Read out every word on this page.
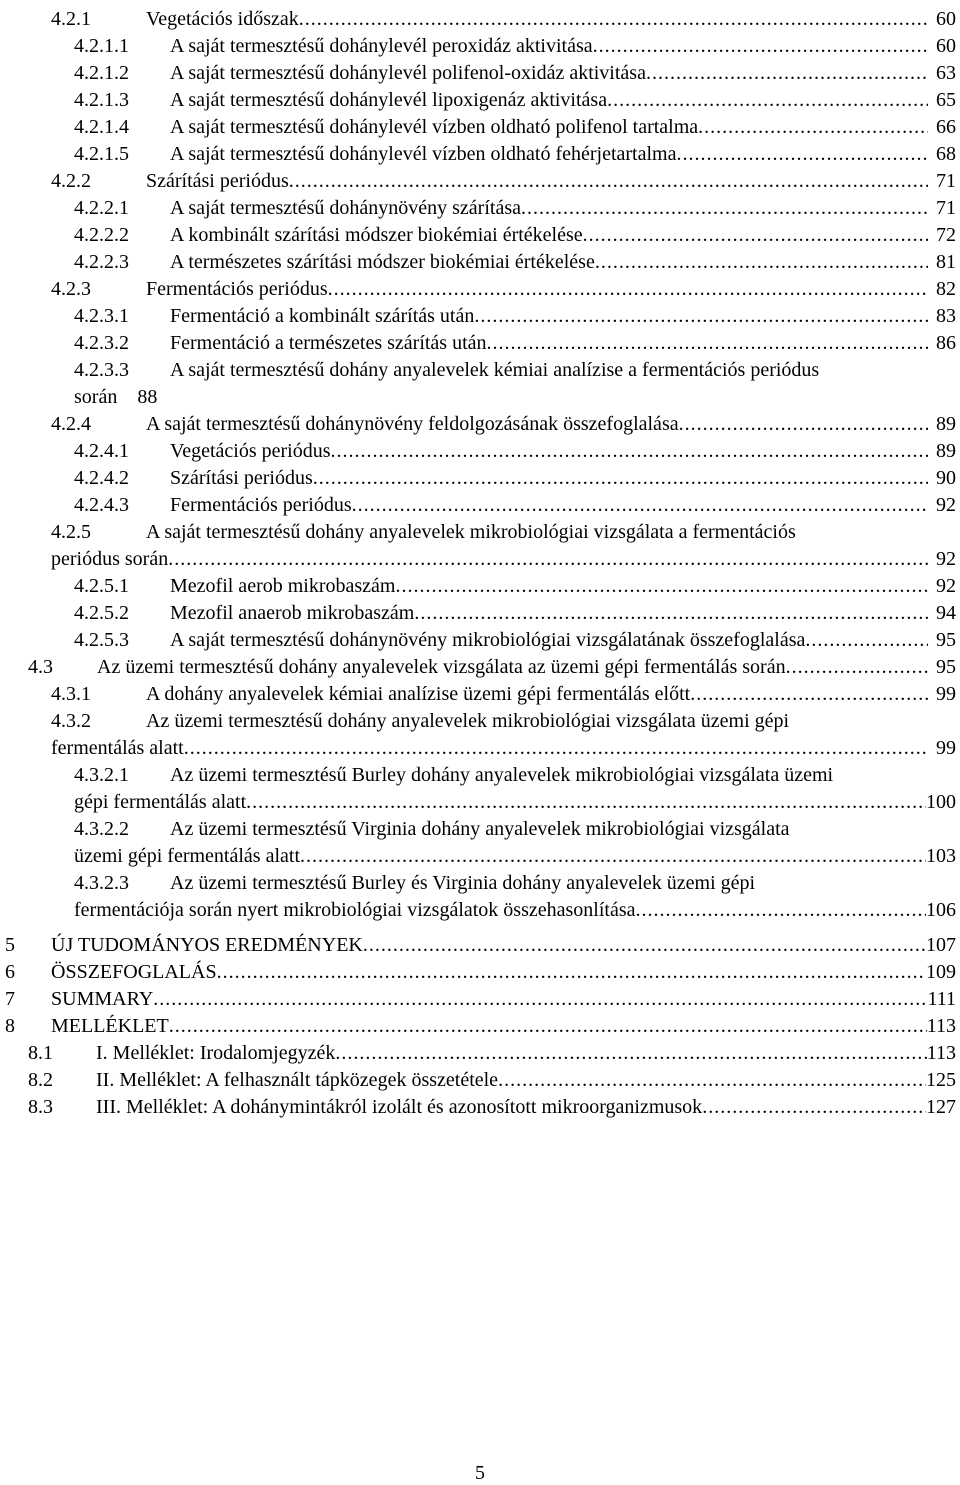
4.2.1	Vegetációs időszak .....	60
4.2.1.1 A saját termesztésű dohánylevél peroxidáz aktivitása .....	60
4.2.1.2 A saját termesztésű dohánylevél polifenol-oxidáz aktivitása .....	63
4.2.1.3 A saját termesztésű dohánylevél lipoxigenáz aktivitása .....	65
4.2.1.4 A saját termesztésű dohánylevél vízben oldható polifenol tartalma .....	66
4.2.1.5 A saját termesztésű dohánylevél vízben oldható fehérjetartalma .....	68
4.2.2	Szárítási periódus .....	71
4.2.2.1 A saját termesztésű dohánynövény szárítása .....	71
4.2.2.2 A kombinált szárítási módszer biokémiai értékelése .....	72
4.2.2.3 A természetes szárítási módszer biokémiai értékelése .....	81
4.2.3	Fermentációs periódus .....	82
4.2.3.1 Fermentáció a kombinált szárítás után .....	83
4.2.3.2 Fermentáció a természetes szárítás után .....	86
4.2.3.3 A saját termesztésű dohány anyalevelek kémiai analízise a fermentációs periódus
során 88
4.2.4	A saját termesztésű dohánynövény feldolgozásának összefoglalása .....	89
4.2.4.1 Vegetációs periódus .....	89
4.2.4.2 Szárítási periódus .....	90
4.2.4.3 Fermentációs periódus .....	92
4.2.5	A saját termesztésű dohány anyalevelek mikrobiológiai vizsgálata a fermentációs
periódus során .....	92
4.2.5.1 Mezofil aerob mikrobaszám .....	92
4.2.5.2 Mezofil anaerob mikrobaszám .....	94
4.2.5.3 A saját termesztésű dohánynövény mikrobiológiai vizsgálatának összefoglalása .....	95
4.3 Az üzemi termesztésű dohány anyalevelek vizsgálata az üzemi gépi fermentálás során .....	95
4.3.1	A dohány anyalevelek kémiai analízise üzemi gépi fermentálás előtt .....	99
4.3.2	Az üzemi termesztésű dohány anyalevelek mikrobiológiai vizsgálata üzemi gépi
fermentálás alatt .....	99
4.3.2.1 Az üzemi termesztésű Burley dohány anyalevelek mikrobiológiai vizsgálata üzemi
gépi fermentálás alatt .....	100
4.3.2.2 Az üzemi termesztésű Virginia dohány anyalevelek mikrobiológiai vizsgálata
üzemi gépi fermentálás alatt .....	103
4.3.2.3 Az üzemi termesztésű Burley és Virginia dohány anyalevelek üzemi gépi
fermentációja során nyert mikrobiológiai vizsgálatok összehasonlítása .....	106
5 ÚJ TUDOMÁNYOS EREDMÉNYEK .....	107
6 ÖSSZEFOGLALÁS .....	109
7 SUMMARY .....	111
8 MELLÉKLET .....	113
8.1 I. Melléklet: Irodalomjegyzék .....	113
8.2 II. Melléklet: A felhasznált tápközegek összetétele .....	125
8.3 III. Melléklet: A dohánymintákról izolált és azonosított mikroorganizmusok .....	127
5
